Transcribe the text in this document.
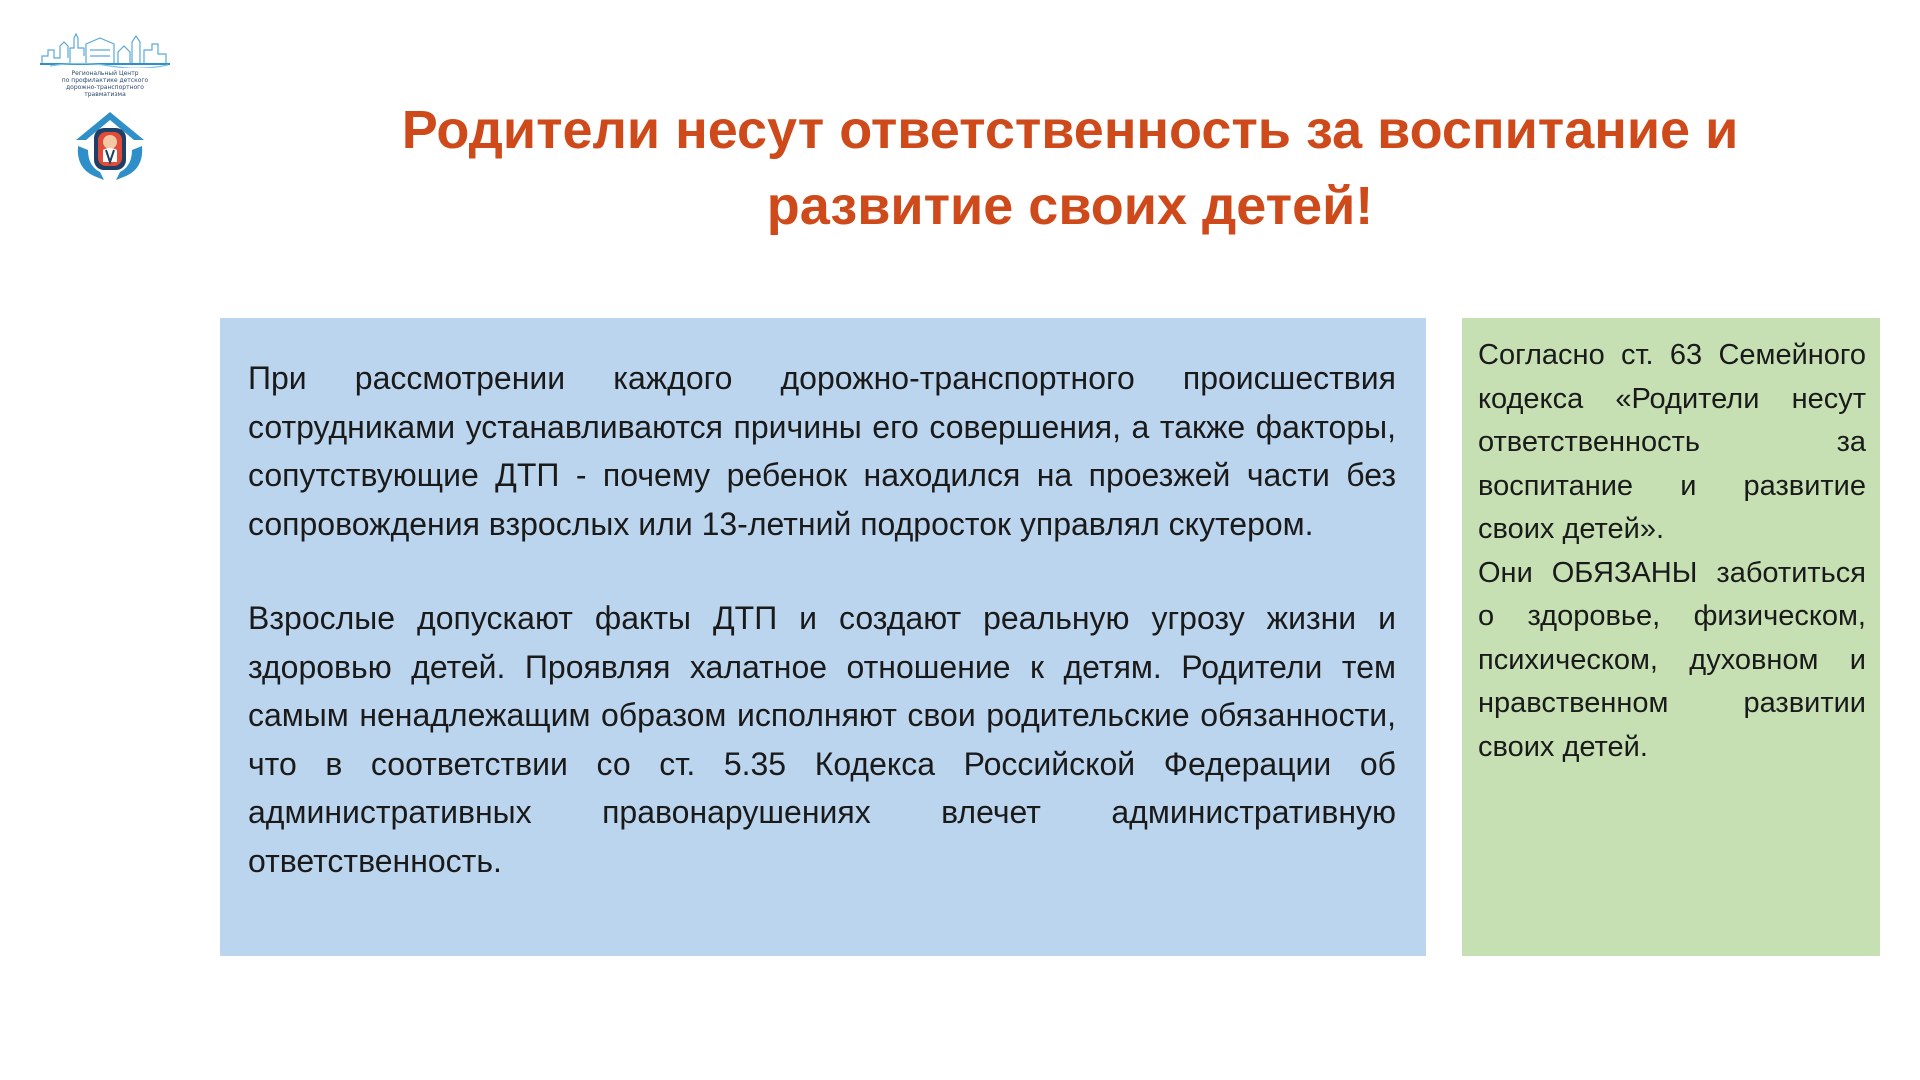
Региональный Центр
по профилактике детского
дорожно-транспортного
травматизма
Родители несут ответственность за воспитание и
развитие своих детей!

При рассмотрении каждого дорожно-транспортного происшествия сотрудниками устанавливаются причины его совершения, а также факторы, сопутствующие ДТП - почему ребенок находился на проезжей части без сопровождения взрослых или 13-летний подросток управлял скутером.

Взрослые допускают факты ДТП и создают реальную угрозу жизни и здоровью детей. Проявляя халатное отношение к детям. Родители тем самым ненадлежащим образом исполняют свои родительские обязанности, что в соответствии со ст. 5.35 Кодекса Российской Федерации об административных правонарушениях влечет административную ответственность.

Согласно ст. 63 Семейного кодекса «Родители несут ответственность за воспитание и развитие своих детей».

Они ОБЯЗАНЫ заботиться о здоровье, физическом, психическом, духовном и нравственном развитии своих детей.
